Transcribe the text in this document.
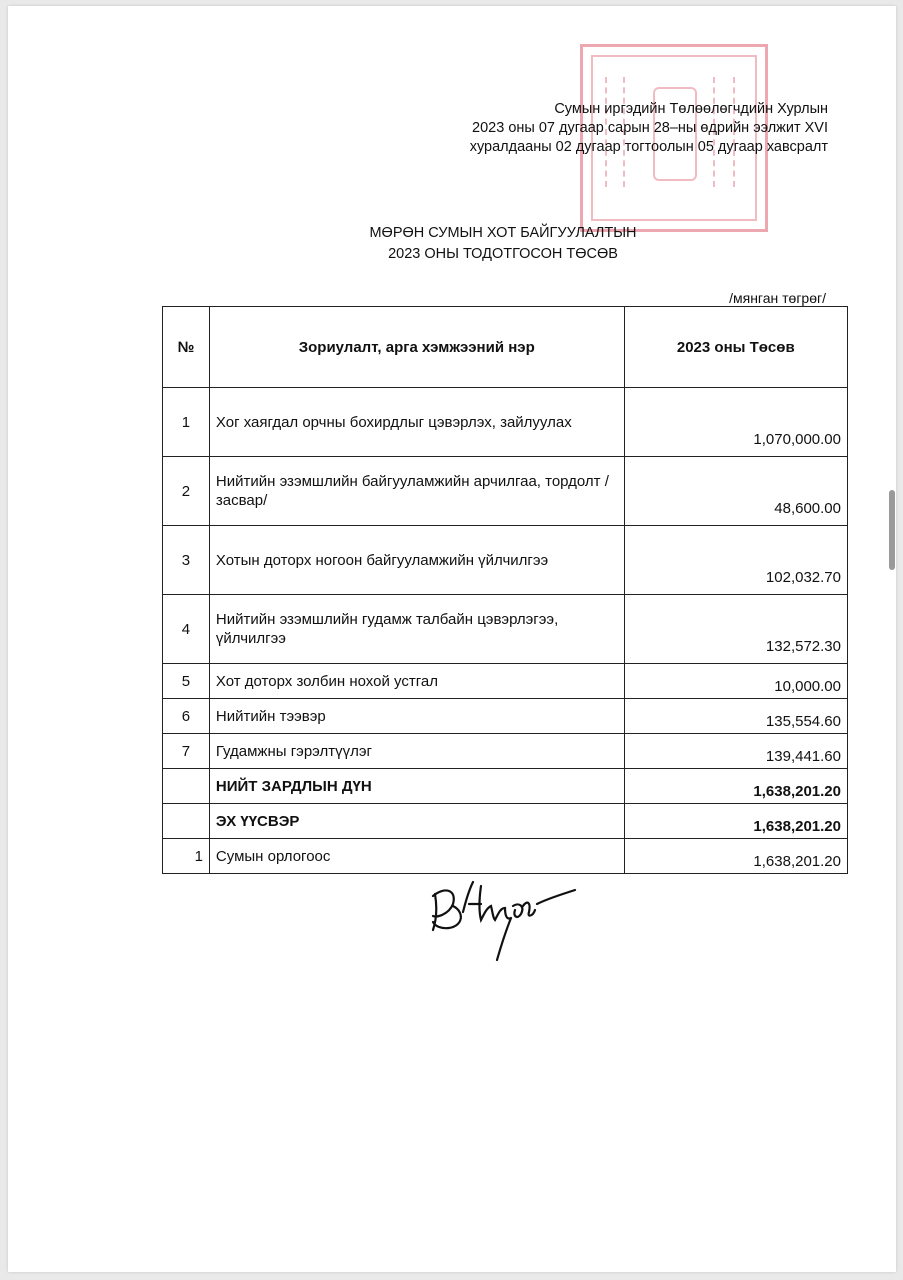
Сумын иргэдийн Төлөөлөгчдийн Хурлын
2023 оны 07 дугаар сарын 28–ны өдрийн ээлжит XVI
хуралдааны 02 дугаар тогтоолын 05 дугаар хавсралт
МӨРӨН СУМЫН ХОТ БАЙГУУЛАЛТЫН
2023 ОНЫ ТОДОТГОСОН ТӨСӨВ
/мянган төгрөг/
№	Зориулалт, арга хэмжээний нэр	2023 оны Төсөв
1	Хог хаягдал орчны бохирдлыг цэвэрлэх, зайлуулах	1,070,000.00
2	Нийтийн эзэмшлийн байгууламжийн арчилгаа, тордолт /засвар/	48,600.00
3	Хотын доторх ногоон байгууламжийн үйлчилгээ	102,032.70
4	Нийтийн эзэмшлийн гудамж талбайн цэвэрлэгээ, үйлчилгээ	132,572.30
5	Хот доторх золбин нохой устгал	10,000.00
6	Нийтийн тээвэр	135,554.60
7	Гудамжны гэрэлтүүлэг	139,441.60
	НИЙТ ЗАРДЛЫН ДҮН	1,638,201.20
	ЭХ ҮҮСВЭР	1,638,201.20
1	Сумын орлогоос	1,638,201.20
